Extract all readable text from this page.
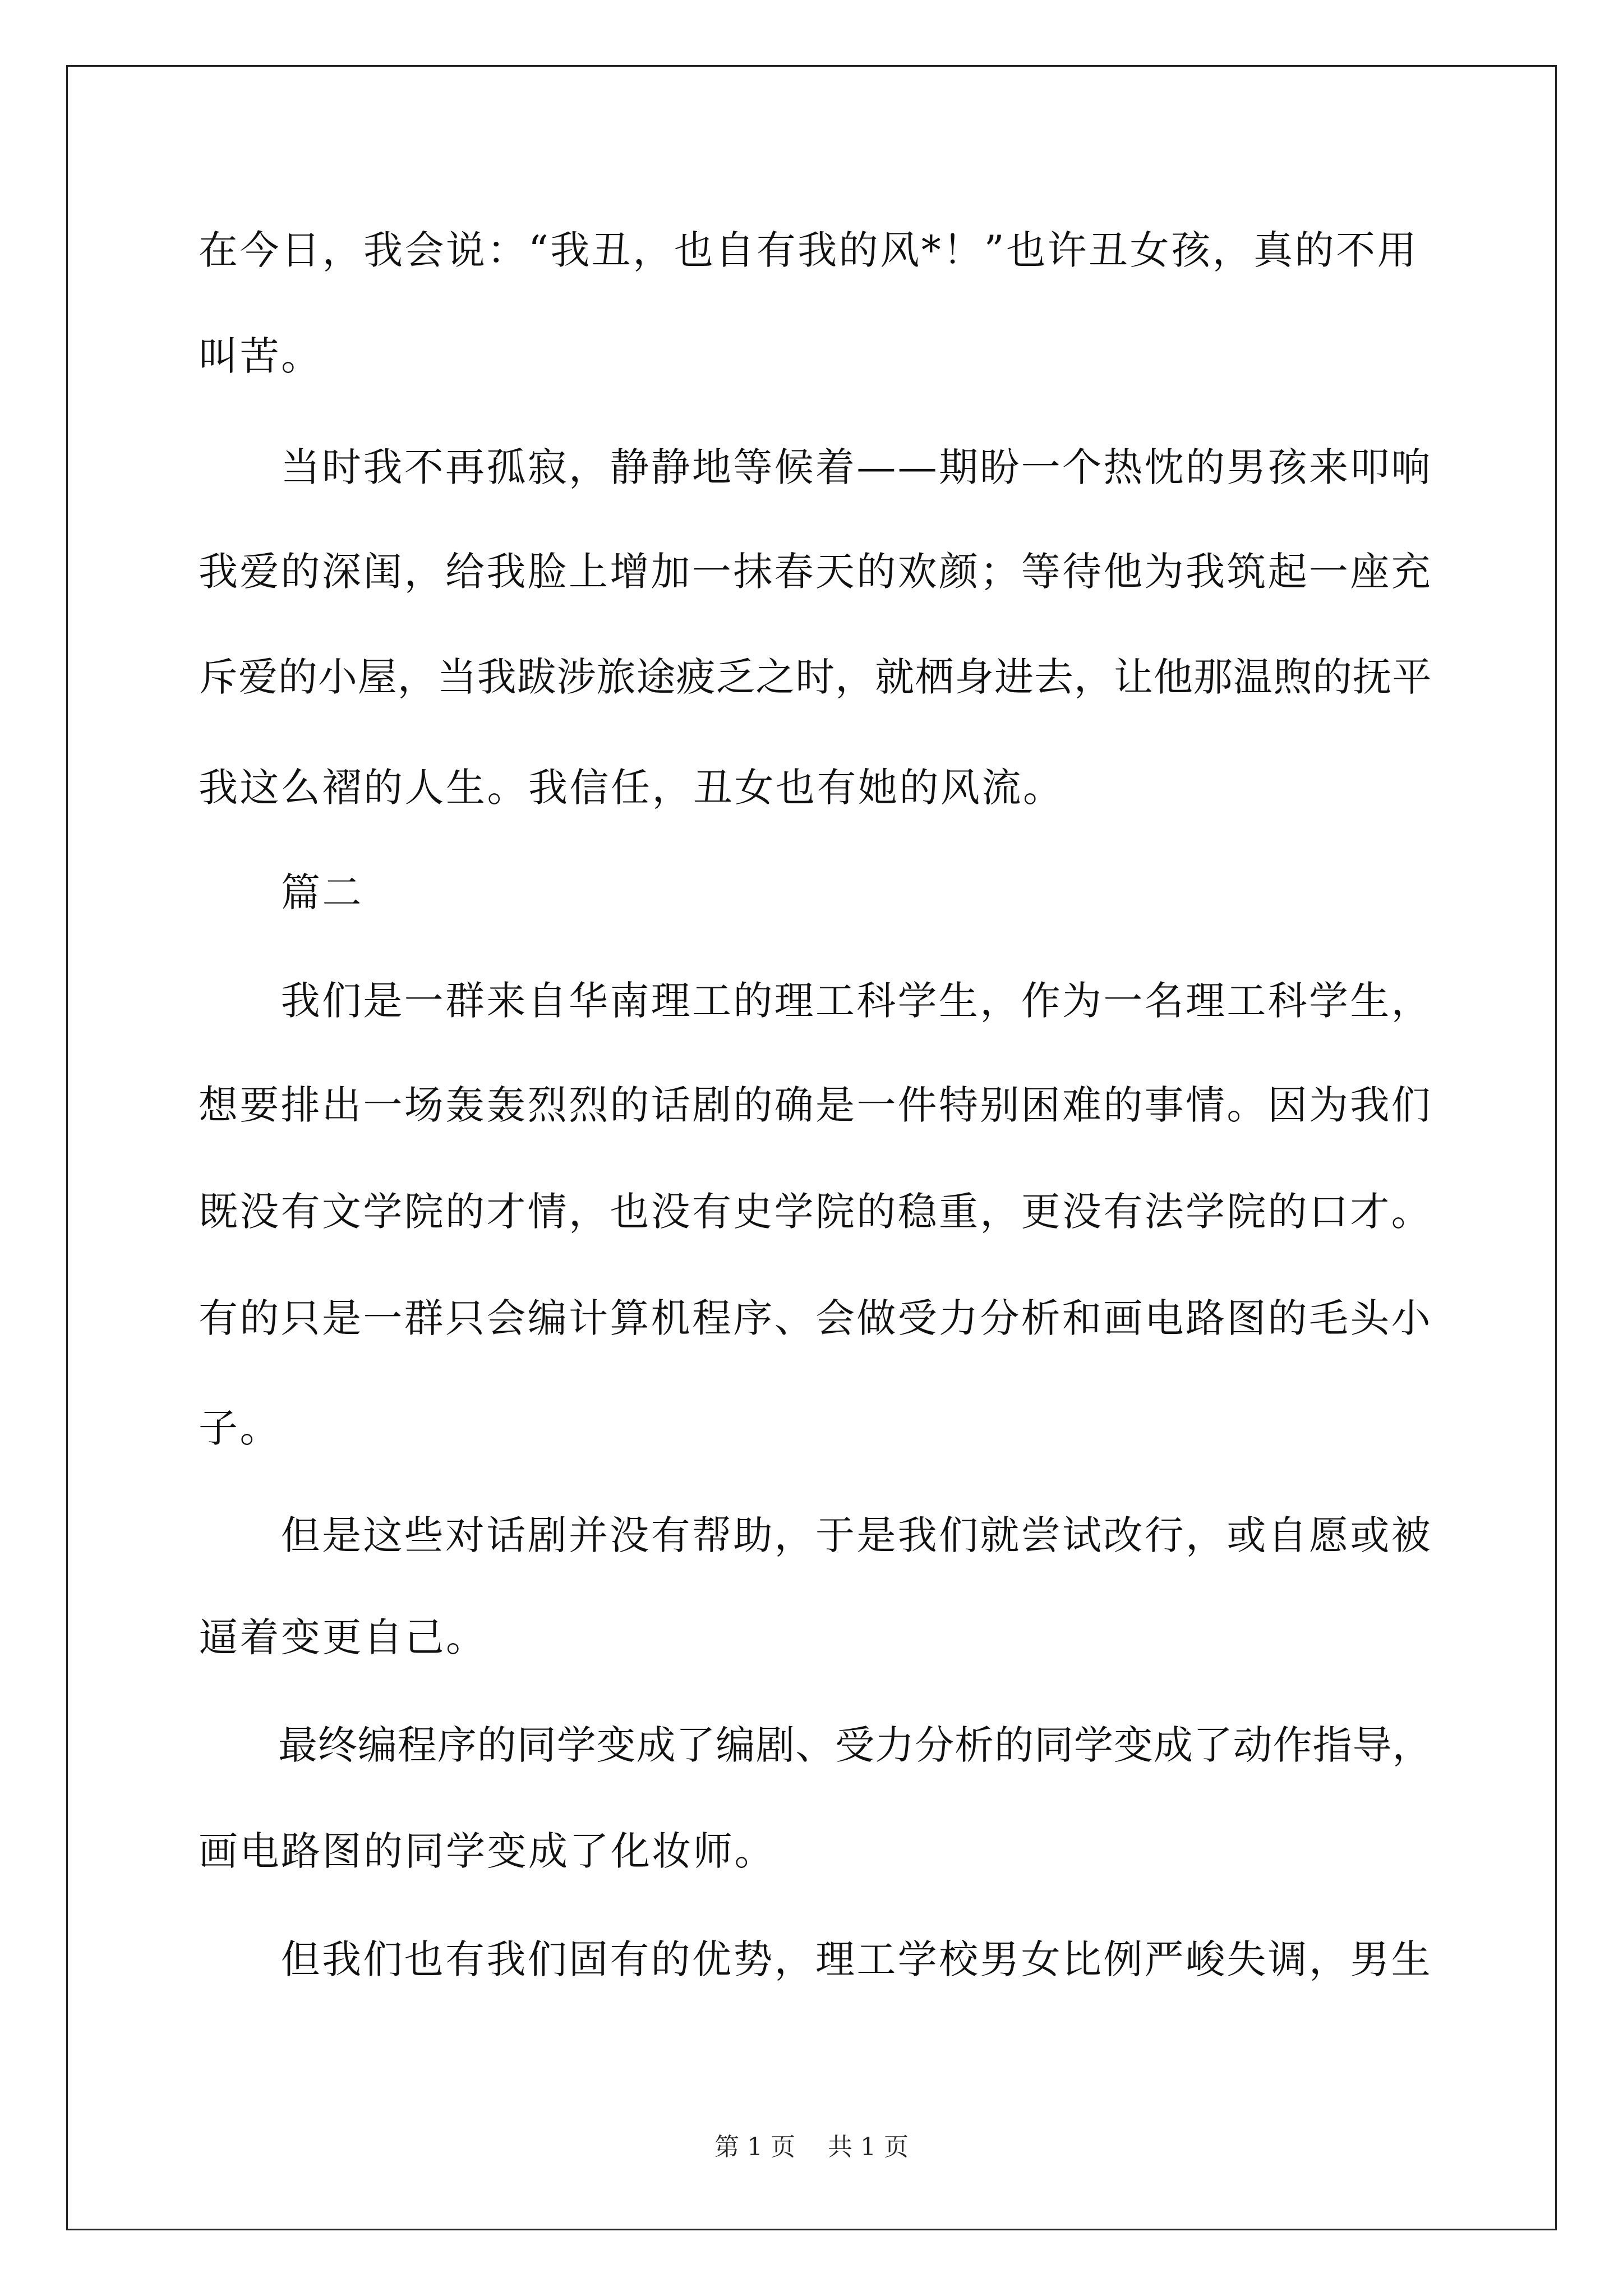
在今日，我会说：“我丑，也自有我的风*！”也许丑女孩，真的不用
叫苦。
　　当时我不再孤寂，静静地等候着——期盼一个热忱的男孩来叩响
我爱的深闺，给我脸上增加一抹春天的欢颜；等待他为我筑起一座充
斥爱的小屋，当我跋涉旅途疲乏之时，就栖身进去，让他那温煦的抚平
我这么褶的人生。我信任，丑女也有她的风流。
　　篇二
　　我们是一群来自华南理工的理工科学生，作为一名理工科学生，
想要排出一场轰轰烈烈的话剧的确是一件特别困难的事情。因为我们
既没有文学院的才情，也没有史学院的稳重，更没有法学院的口才。
有的只是一群只会编计算机程序、会做受力分析和画电路图的毛头小
子。
　　但是这些对话剧并没有帮助，于是我们就尝试改行，或自愿或被
逼着变更自己。
　　最终编程序的同学变成了编剧、受力分析的同学变成了动作指导，
画电路图的同学变成了化妆师。
　　但我们也有我们固有的优势，理工学校男女比例严峻失调，男生
第 1 页　 共 1 页
